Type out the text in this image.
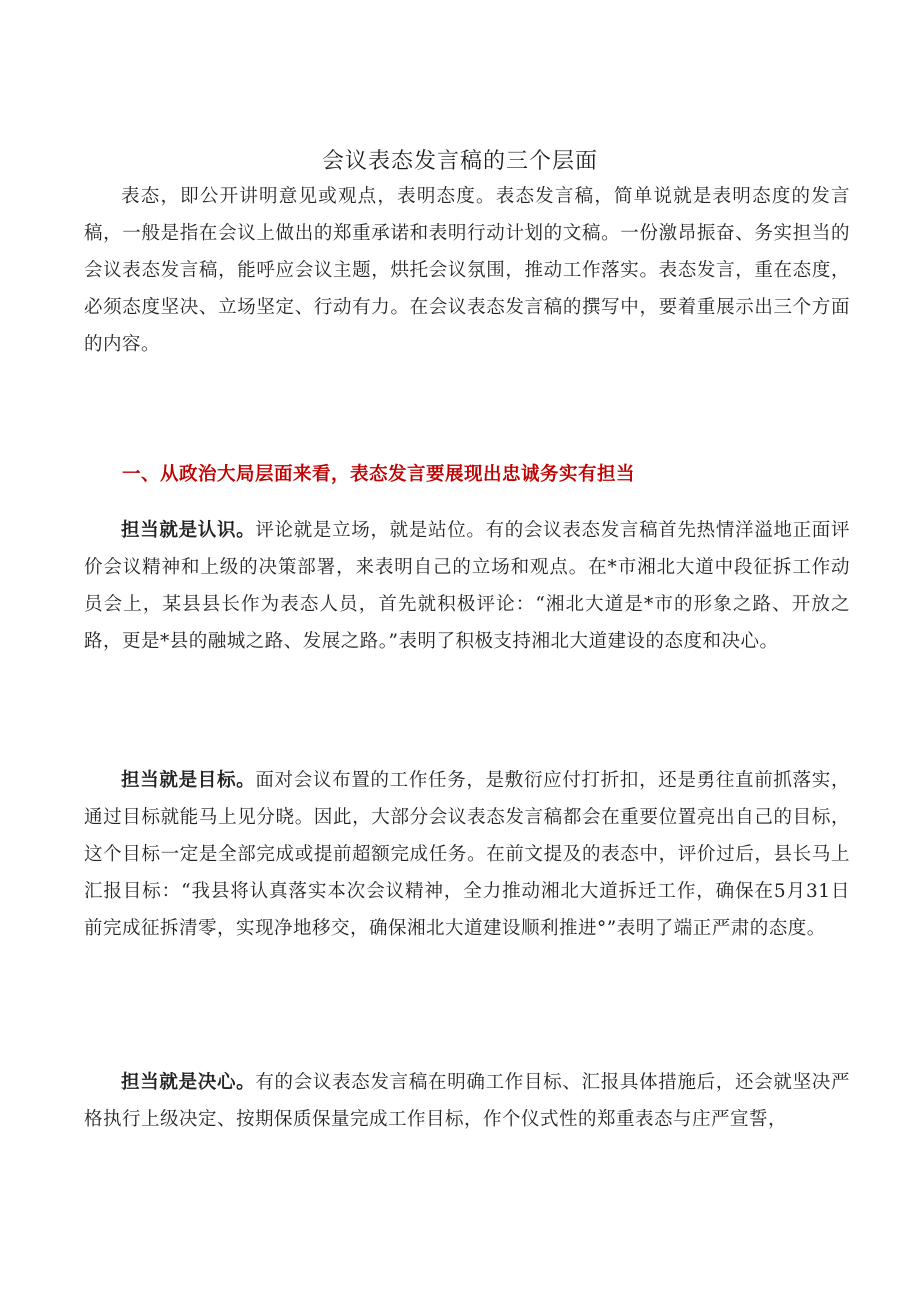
会议表态发言稿的三个层面
表态，即公开讲明意见或观点，表明态度。表态发言稿，简单说就是表明态度的发言稿，一般是指在会议上做出的郑重承诺和表明行动计划的文稿。一份激昂振奋、务实担当的会议表态发言稿，能呼应会议主题，烘托会议氛围，推动工作落实。表态发言，重在态度，必须态度坚决、立场坚定、行动有力。在会议表态发言稿的撰写中，要着重展示出三个方面的内容。
一、从政治大局层面来看，表态发言要展现出忠诚务实有担当
担当就是认识。评论就是立场，就是站位。有的会议表态发言稿首先热情洋溢地正面评价会议精神和上级的决策部署，来表明自己的立场和观点。在*市湘北大道中段征拆工作动员会上，某县县长作为表态人员，首先就积极评论：“湘北大道是*市的形象之路、开放之路，更是*县的融城之路、发展之路。”表明了积极支持湘北大道建设的态度和决心。
担当就是目标。面对会议布置的工作任务，是敷衍应付打折扣，还是勇往直前抓落实，通过目标就能马上见分晓。因此，大部分会议表态发言稿都会在重要位置亮出自己的目标，这个目标一定是全部完成或提前超额完成任务。在前文提及的表态中，评价过后，县长马上汇报目标：“我县将认真落实本次会议精神，全力推动湘北大道拆迁工作，确保在5月31日前完成征拆清零，实现净地移交，确保湘北大道建设顺利推进°”表明了端正严肃的态度。
担当就是决心。有的会议表态发言稿在明确工作目标、汇报具体措施后，还会就坚决严格执行上级决定、按期保质保量完成工作目标，作个仪式性的郑重表态与庄严宣誓，
